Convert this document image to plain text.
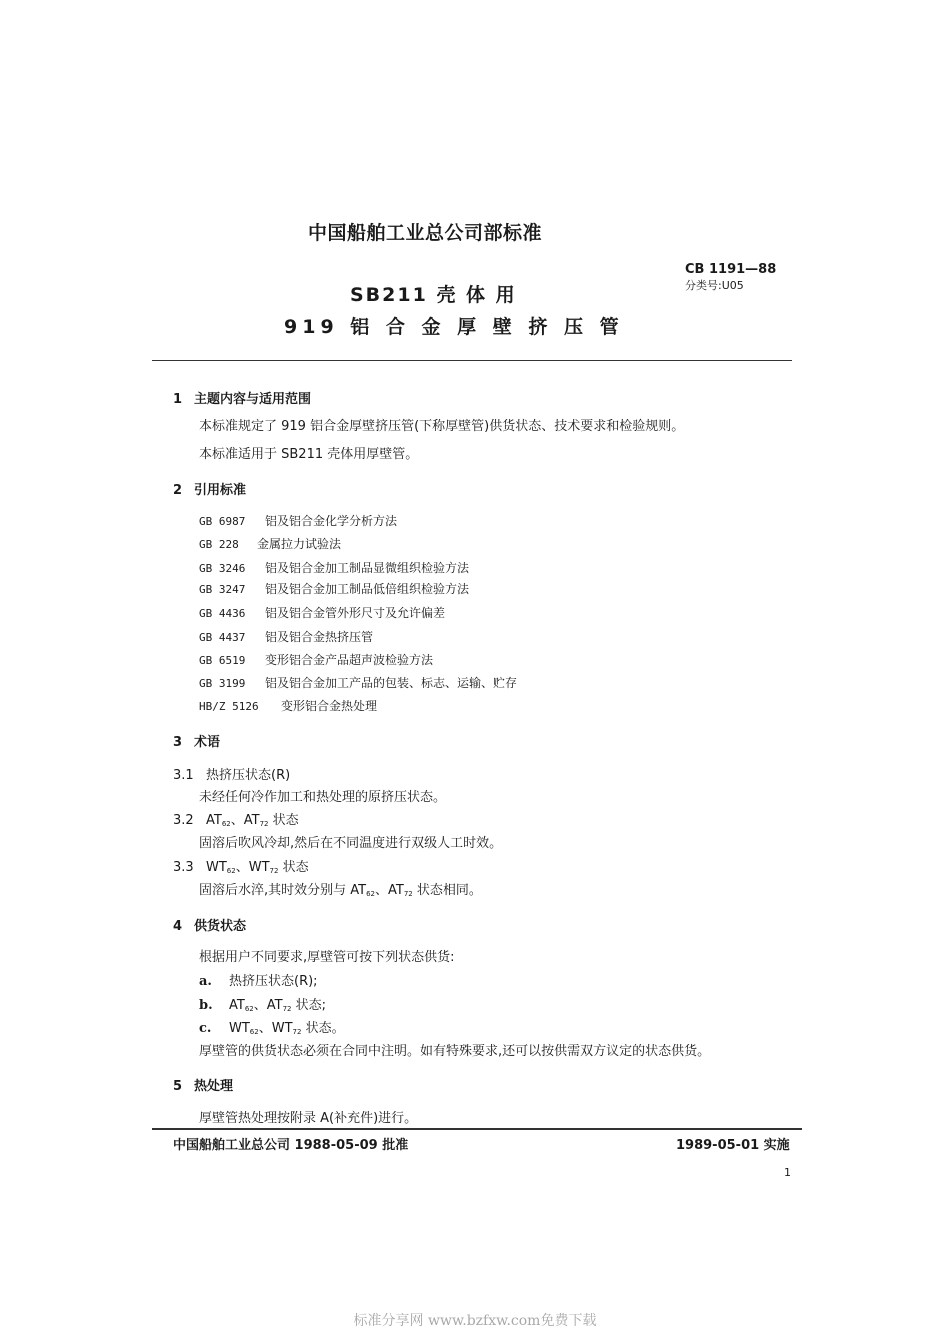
中国船舶工业总公司部标准
CB 1191—88
分类号:U05
SB211 壳 体 用
919 铝 合 金 厚 壁 挤 压 管
1 主题内容与适用范围
本标准规定了 919 铝合金厚壁挤压管(下称厚壁管)供货状态、技术要求和检验规则。
本标准适用于 SB211 壳体用厚壁管。
2 引用标准
GB 6987 铝及铝合金化学分析方法
GB 228 金属拉力试验法
GB 3246 铝及铝合金加工制品显微组织检验方法
GB 3247 铝及铝合金加工制品低倍组织检验方法
GB 4436 铝及铝合金管外形尺寸及允许偏差
GB 4437 铝及铝合金热挤压管
GB 6519 变形铝合金产品超声波检验方法
GB 3199 铝及铝合金加工产品的包装、标志、运输、贮存
HB/Z 5126 变形铝合金热处理
3 术语
3.1 热挤压状态(R)
未经任何冷作加工和热处理的原挤压状态。
3.2 $AT_{62}$、$AT_{72}$ 状态
固溶后吹风冷却,然后在不同温度进行双级人工时效。
3.3 $WT_{62}$、$WT_{72}$ 状态
固溶后水淬,其时效分别与 $AT_{62}$、$AT_{72}$ 状态相同。
4 供货状态
根据用户不同要求,厚壁管可按下列状态供货:
a. 热挤压状态(R);
b. $AT_{62}$、$AT_{72}$ 状态;
c. $WT_{62}$、$WT_{72}$ 状态。
厚壁管的供货状态必须在合同中注明。如有特殊要求,还可以按供需双方议定的状态供货。
5 热处理
厚壁管热处理按附录 A(补充件)进行。
中国船舶工业总公司 1988-05-09 批准	1989-05-01 实施
1
标准分享网 www.bzfxw.com免费下载
